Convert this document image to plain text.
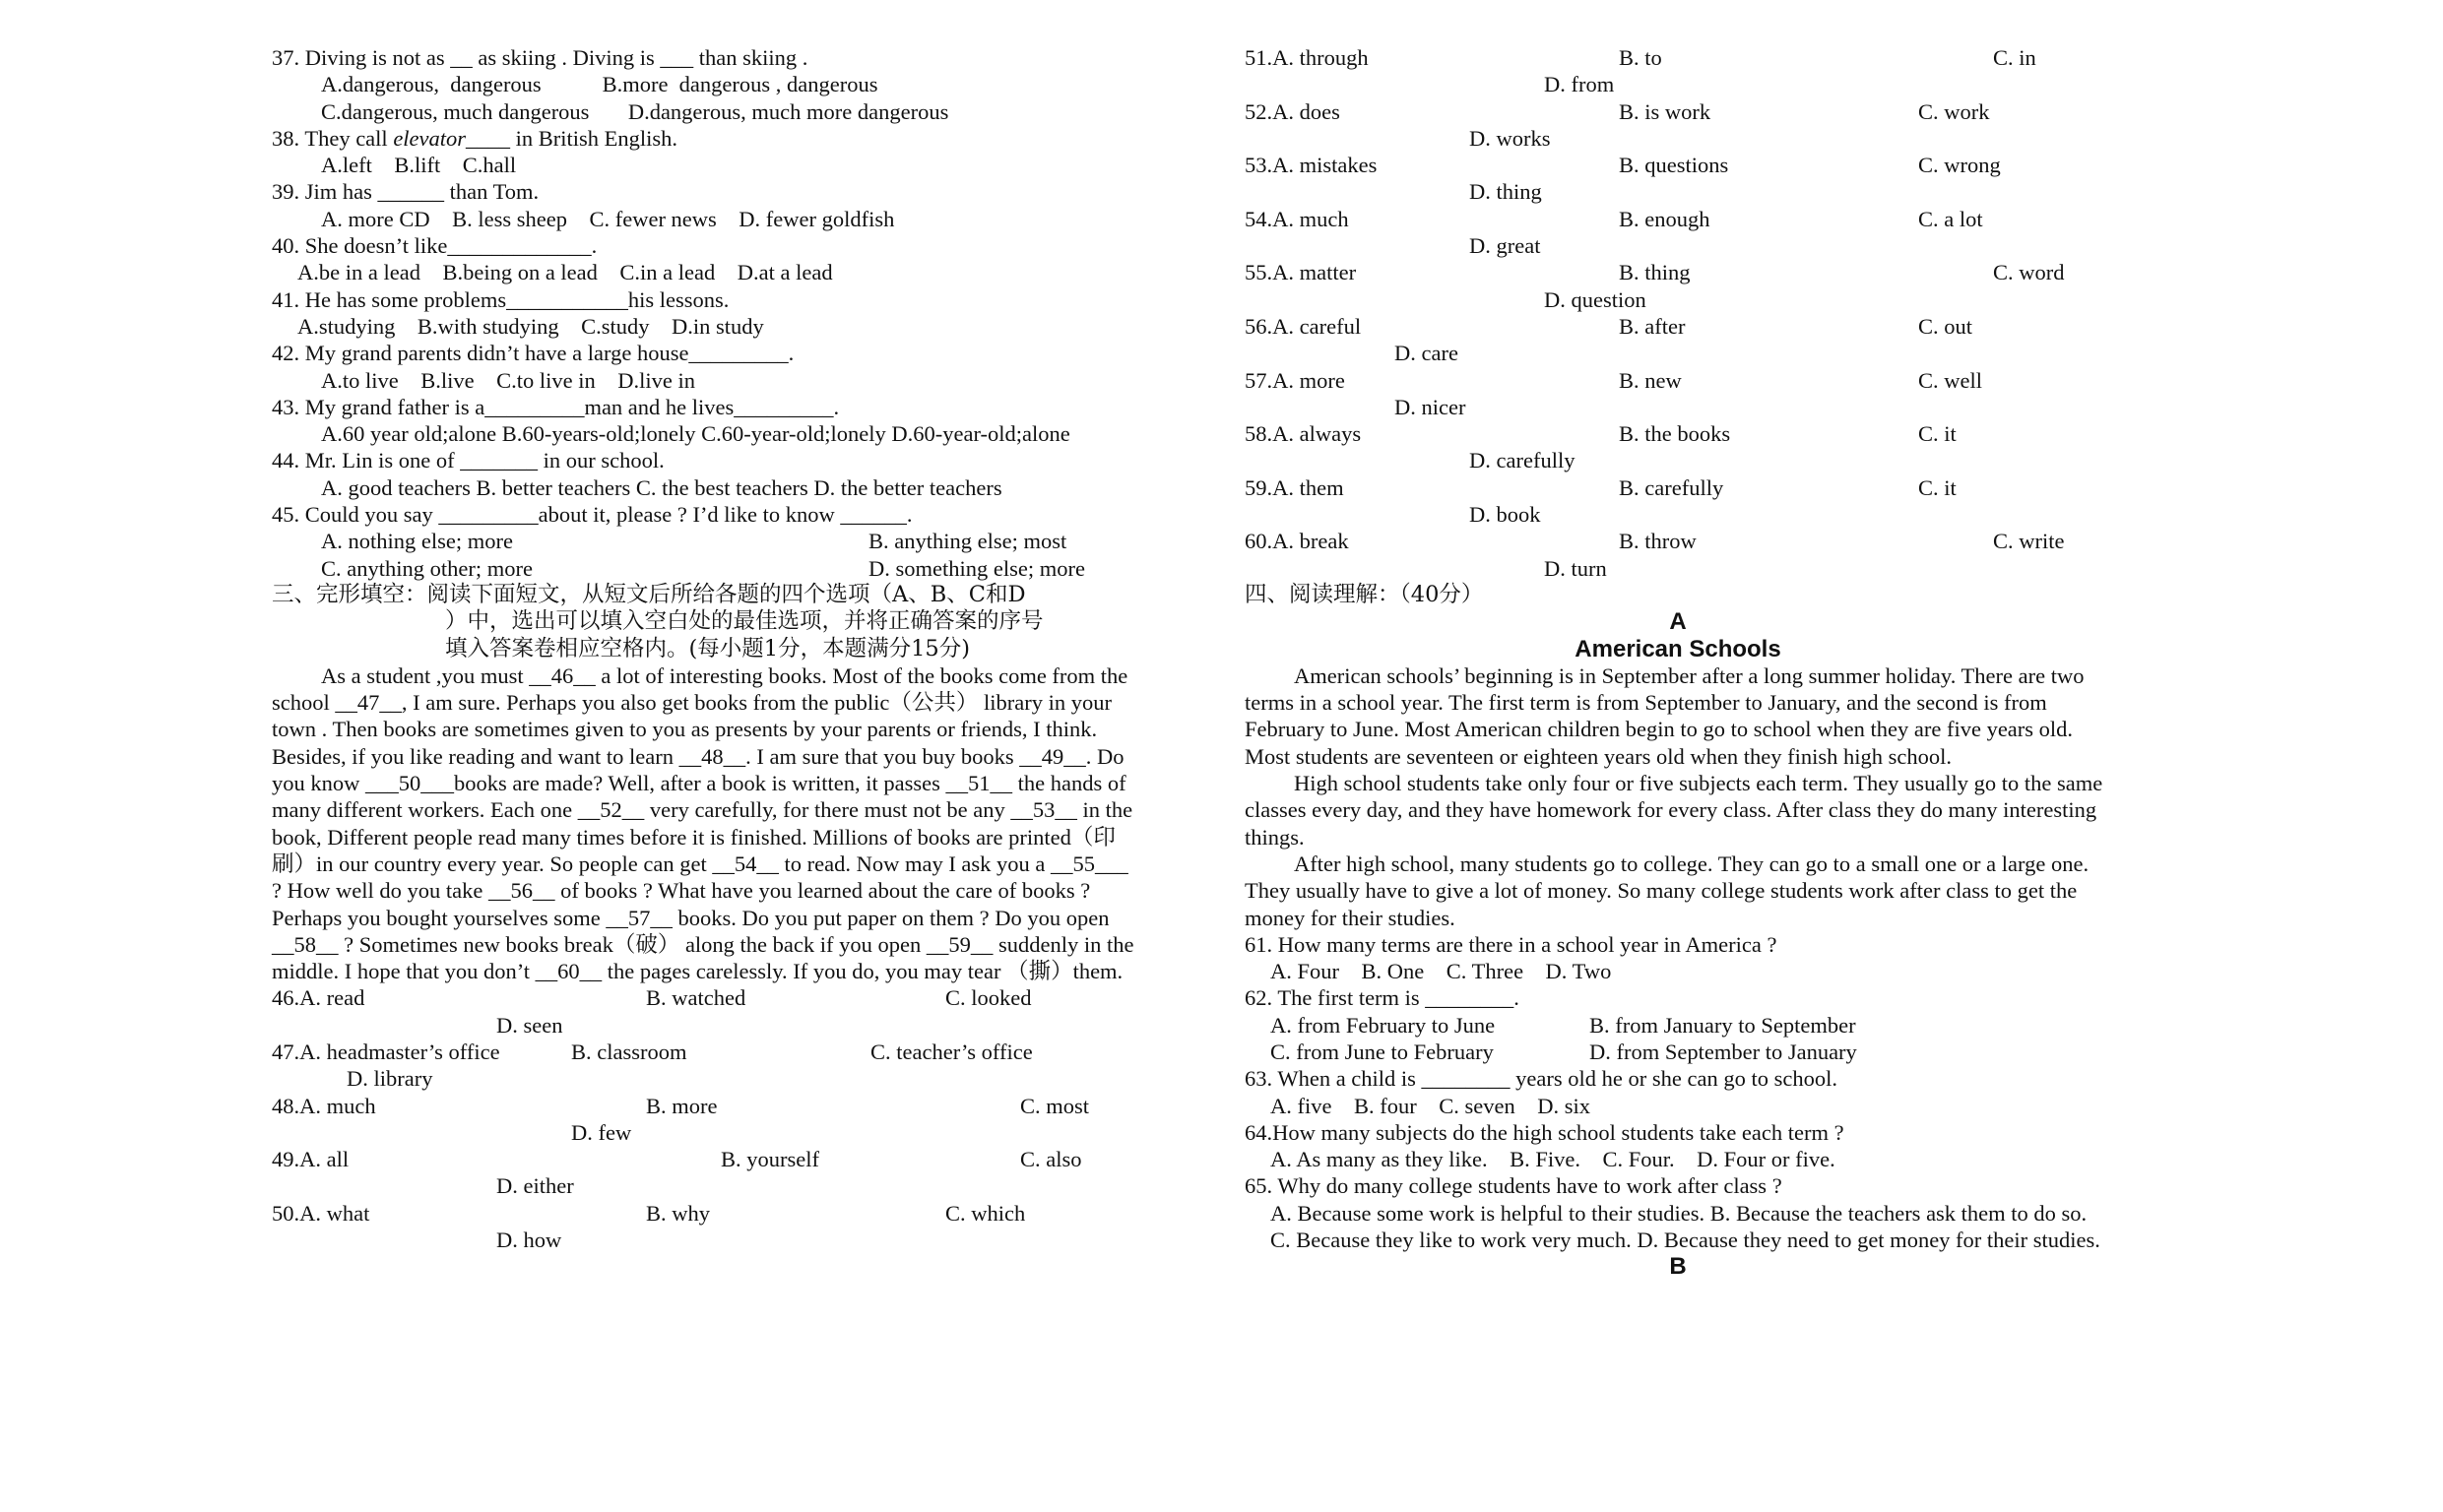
37. Diving is not as __ as skiing . Diving is ___ than skiing .
A.dangerous,  dangerous           B.more  dangerous , dangerous
C.dangerous, much dangerous       D.dangerous, much more dangerous
38. They call elevator____ in British English.
A.left    B.lift    C.hall
39. Jim has ______ than Tom.
A. more CD    B. less sheep    C. fewer news    D. fewer goldfish
40. She doesn’t like_____________.
A.be in a lead    B.being on a lead    C.in a lead    D.at a lead
41. He has some problems___________his lessons.
A.studying    B.with studying    C.study    D.in study
42. My grand parents didn’t have a large house_________.
A.to live    B.live    C.to live in    D.live in
43. My grand father is a_________man and he lives_________.
A.60 year old;alone B.60-years-old;lonely C.60-year-old;lonely D.60-year-old;alone
44. Mr. Lin is one of _______ in our school.
A. good teachers B. better teachers C. the best teachers D. the better teachers
45. Could you say _________about it, please ? I’d like to know ______.

A. nothing else; more

	B. anything else; most

C. anything other; more

	D. something else; more

三、完形填空：阅读下面短文，从短文后所给各题的四个选项（A、B、C和D
）中，选出可以填入空白处的最佳选项，并将正确答案的序号
填入答案卷相应空格内。(每小题1分，本题满分15分)
As a student ,you must __46__ a lot of interesting books. Most of the books come from the school __47__, I am sure. Perhaps you also get books from the public（公共） library in your town . Then books are sometimes given to you as presents by your parents or friends, I think. Besides, if you like reading and want to learn __48__. I am sure that you buy books __49__. Do you know ___50___books are made? Well, after a book is written, it passes __51__ the hands of many different workers. Each one __52__ very carefully, for there must not be any __53__ in the book, Different people read many times before it is finished. Millions of books are printed（印刷）in our country every year. So people can get __54__ to read. Now may I ask you a __55___ ? How well do you take __56__ of books ? What have you learned about the care of books ? Perhaps you bought yourselves some __57__ books. Do you put paper on them ? Do you open __58__ ? Sometimes new books break（破） along the back if you open __59__ suddenly in the middle. I hope that you don’t __60__ the pages carelessly. If you do, you may tear （撕）them.

46.A. read

	B. watched

	C. looked

D. seen

47.A. headmaster’s office

	B. classroom

	C. teacher’s office

D. library

48.A. much

	B. more

	C. most

D. few

49.A. all

	B. yourself

	C. also

D. either

50.A. what

	B. why

	C. which

D. how

51.A. through

	B. to

	C. in

D. from

52.A. does

	B. is work

	C. work

D. works

53.A. mistakes

	B. questions

	C. wrong

D. thing

54.A. much

	B. enough

	C. a lot

D. great

55.A. matter

	B. thing

	C. word

D. question

56.A. careful

	B. after

	C. out

D. care

57.A. more

	B. new

	C. well

D. nicer

58.A. always

	B. the books

	C. it

D. carefully

59.A. them

	B. carefully

	C. it

D. book

60.A. break

	B. throw

	C. write

D. turn
四、阅读理解：（40分）
A
American Schools
American schools’ beginning is in September after a long summer holiday. There are two terms in a school year. The first term is from September to January, and the second is from February to June. Most American children begin to go to school when they are five years old. Most students are seventeen or eighteen years old when they finish high school.
High school students take only four or five subjects each term. They usually go to the same classes every day, and they have homework for every class. After class they do many interesting things.
After high school, many students go to college. They can go to a small one or a large one. They usually have to give a lot of money. So many college students work after class to get the money for their studies.
61. How many terms are there in a school year in America ?
A. Four    B. One    C. Three    D. Two
62. The first term is ________.

A. from February to June

	B. from January to September

C. from June to February

	D. from September to January

63. When a child is ________ years old he or she can go to school.
A. five    B. four    C. seven    D. six
64.How many subjects do the high school students take each term ?
A. As many as they like.    B. Five.    C. Four.    D. Four or five.
65. Why do many college students have to work after class ?
A. Because some work is helpful to their studies. B. Because the teachers ask them to do so.
C. Because they like to work very much. D. Because they need to get money for their studies.
B
